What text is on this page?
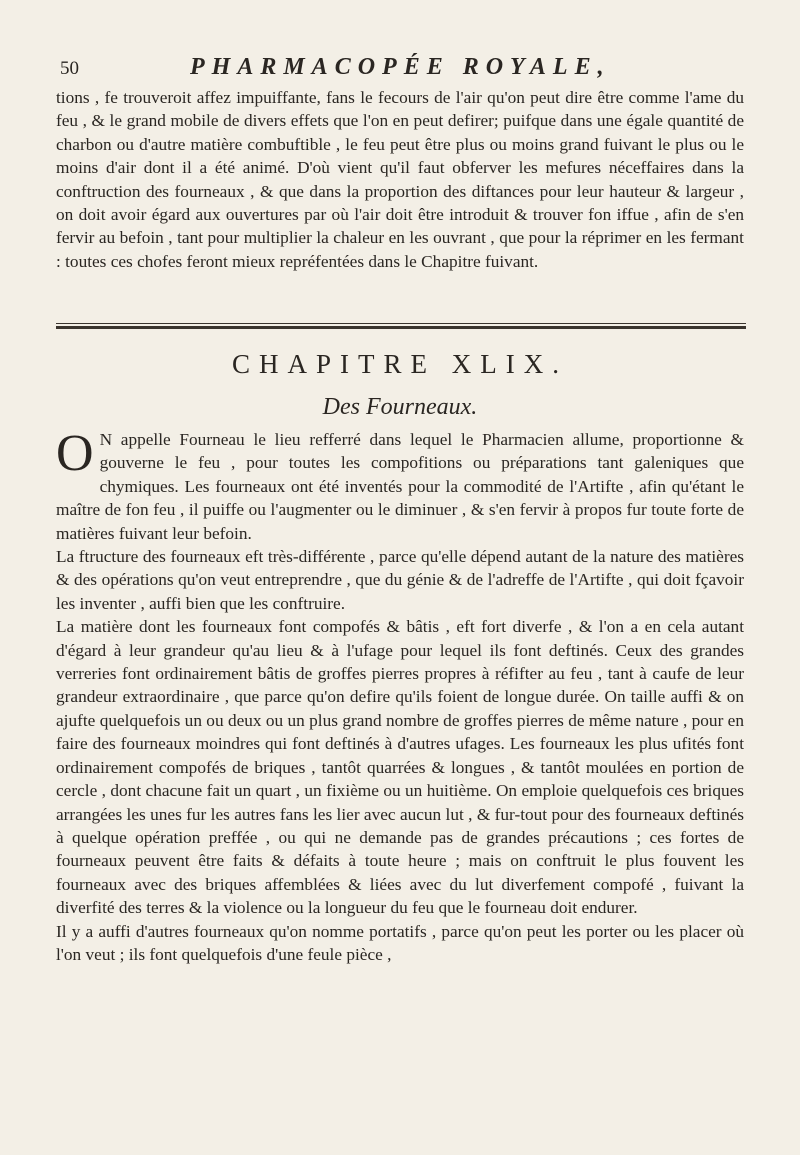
50	PHARMACOPÉE ROYALE,

tions , fe trouveroit affez impuiffante, fans le fecours de l'air qu'on peut dire être comme l'ame du feu , & le grand mobile de divers effets que l'on en peut defirer; puifque dans une égale quantité de charbon ou d'autre matière combuftible , le feu peut être plus ou moins grand fuivant le plus ou le moins d'air dont il a été animé. D'où vient qu'il faut obferver les mefures néceffaires dans la conftruction des fourneaux , & que dans la proportion des diftances pour leur hauteur & largeur , on doit avoir égard aux ouvertures par où l'air doit être introduit & trouver fon iffue , afin de s'en fervir au befoin , tant pour multiplier la chaleur en les ouvrant , que pour la réprimer en les fermant : toutes ces chofes feront mieux repréfentées dans le Chapitre fuivant.

CHAPITRE XLIX.
Des Fourneaux.

O N appelle Fourneau le lieu refferré dans lequel le Pharmacien allume, proportionne & gouverne le feu , pour toutes les compofitions ou préparations tant galeniques que chymiques. Les fourneaux ont été inventés pour la commodité de l'Artifte , afin qu'étant le maître de fon feu , il puiffe ou l'augmenter ou le diminuer , & s'en fervir à propos fur toute forte de matières fuivant leur befoin.

La ftructure des fourneaux eft très-différente , parce qu'elle dépend autant de la nature des matières & des opérations qu'on veut entreprendre , que du génie & de l'adreffe de l'Artifte , qui doit fçavoir les inventer , auffi bien que les conftruire.

La matière dont les fourneaux font compofés & bâtis , eft fort diverfe , & l'on a en cela autant d'égard à leur grandeur qu'au lieu & à l'ufage pour lequel ils font deftinés. Ceux des grandes verreries font ordinairement bâtis de groffes pierres propres à réfifter au feu , tant à caufe de leur grandeur extraordinaire , que parce qu'on defire qu'ils foient de longue durée. On taille auffi & on ajufte quelquefois un ou deux ou un plus grand nombre de groffes pierres de même nature , pour en faire des fourneaux moindres qui font deftinés à d'autres ufages. Les fourneaux les plus ufités font ordinairement compofés de briques , tantôt quarrées & longues , & tantôt moulées en portion de cercle , dont chacune fait un quart , un fixième ou un huitième. On emploie quelquefois ces briques arrangées les unes fur les autres fans les lier avec aucun lut , & fur-tout pour des fourneaux deftinés à quelque opération preffée , ou qui ne demande pas de grandes précautions ; ces fortes de fourneaux peuvent être faits & défaits à toute heure ; mais on conftruit le plus fouvent les fourneaux avec des briques affemblées & liées avec du lut diverfement compofé , fuivant la diverfité des terres & la violence ou la longueur du feu que le fourneau doit endurer.

Il y a auffi d'autres fourneaux qu'on nomme portatifs , parce qu'on peut les porter ou les placer où l'on veut ; ils font quelquefois d'une feule pièce ,
